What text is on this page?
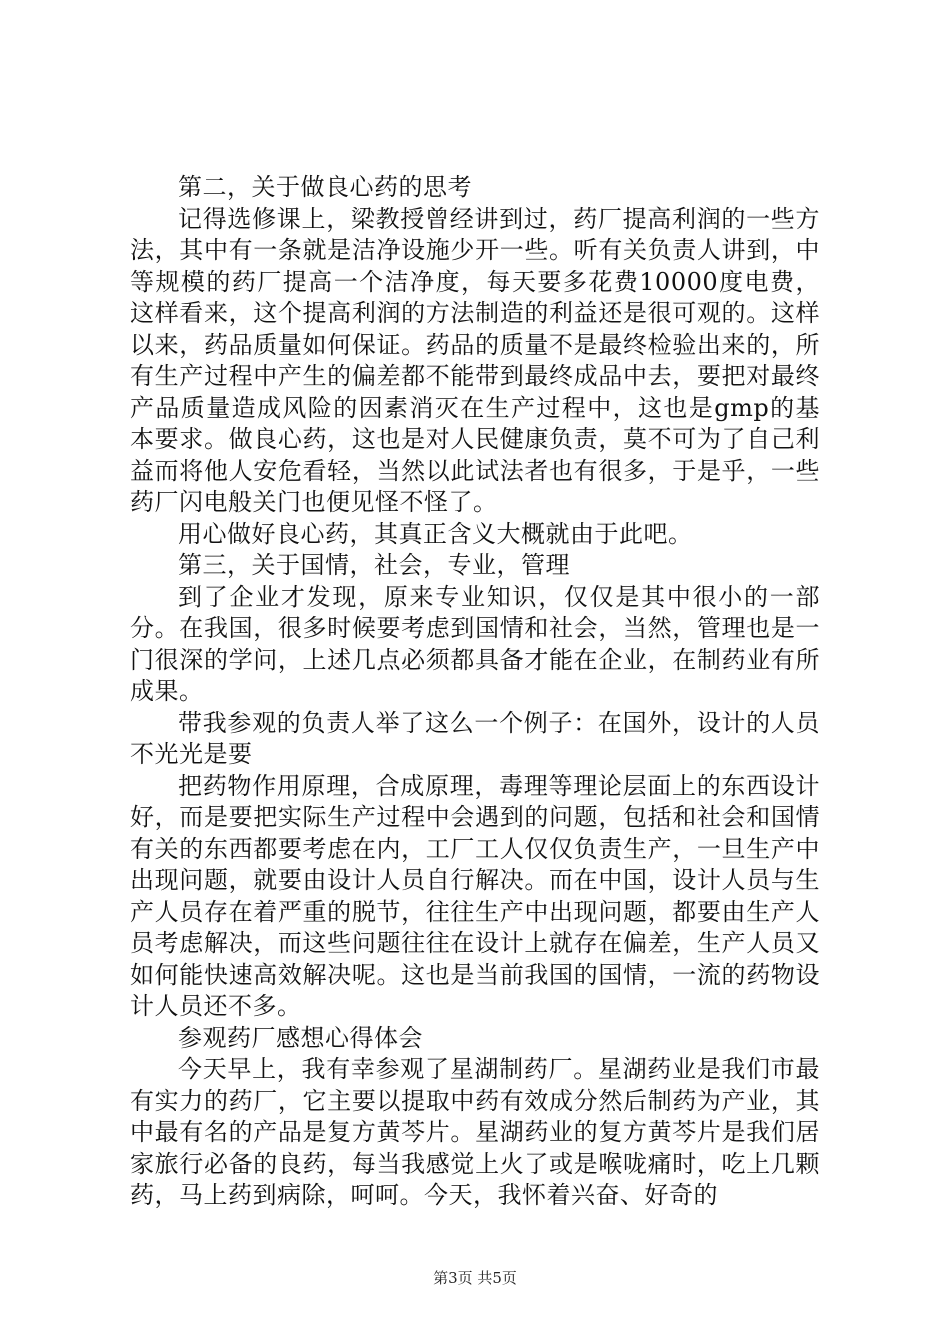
第二，关于做良心药的思考

记得选修课上，梁教授曾经讲到过，药厂提高利润的一些方法，其中有一条就是洁净设施少开一些。听有关负责人讲到，中等规模的药厂提高一个洁净度，每天要多花费10000度电费，这样看来，这个提高利润的方法制造的利益还是很可观的。这样以来，药品质量如何保证。药品的质量不是最终检验出来的，所有生产过程中产生的偏差都不能带到最终成品中去，要把对最终产品质量造成风险的因素消灭在生产过程中，这也是gmp的基本要求。做良心药，这也是对人民健康负责，莫不可为了自己利益而将他人安危看轻，当然以此试法者也有很多，于是乎，一些药厂闪电般关门也便见怪不怪了。

用心做好良心药，其真正含义大概就由于此吧。

第三，关于国情，社会，专业，管理

到了企业才发现，原来专业知识，仅仅是其中很小的一部分。在我国，很多时候要考虑到国情和社会，当然，管理也是一门很深的学问，上述几点必须都具备才能在企业，在制药业有所成果。

带我参观的负责人举了这么一个例子：在国外，设计的人员不光光是要

把药物作用原理，合成原理，毒理等理论层面上的东西设计好，而是要把实际生产过程中会遇到的问题，包括和社会和国情有关的东西都要考虑在内，工厂工人仅仅负责生产，一旦生产中出现问题，就要由设计人员自行解决。而在中国，设计人员与生产人员存在着严重的脱节，往往生产中出现问题，都要由生产人员考虑解决，而这些问题往往在设计上就存在偏差，生产人员又如何能快速高效解决呢。这也是当前我国的国情，一流的药物设计人员还不多。

参观药厂感想心得体会

今天早上，我有幸参观了星湖制药厂。星湖药业是我们市最有实力的药厂，它主要以提取中药有效成分然后制药为产业，其中最有名的产品是复方黄芩片。星湖药业的复方黄芩片是我们居家旅行必备的良药，每当我感觉上火了或是喉咙痛时，吃上几颗药，马上药到病除，呵呵。今天，我怀着兴奋、好奇的

第3页 共5页
